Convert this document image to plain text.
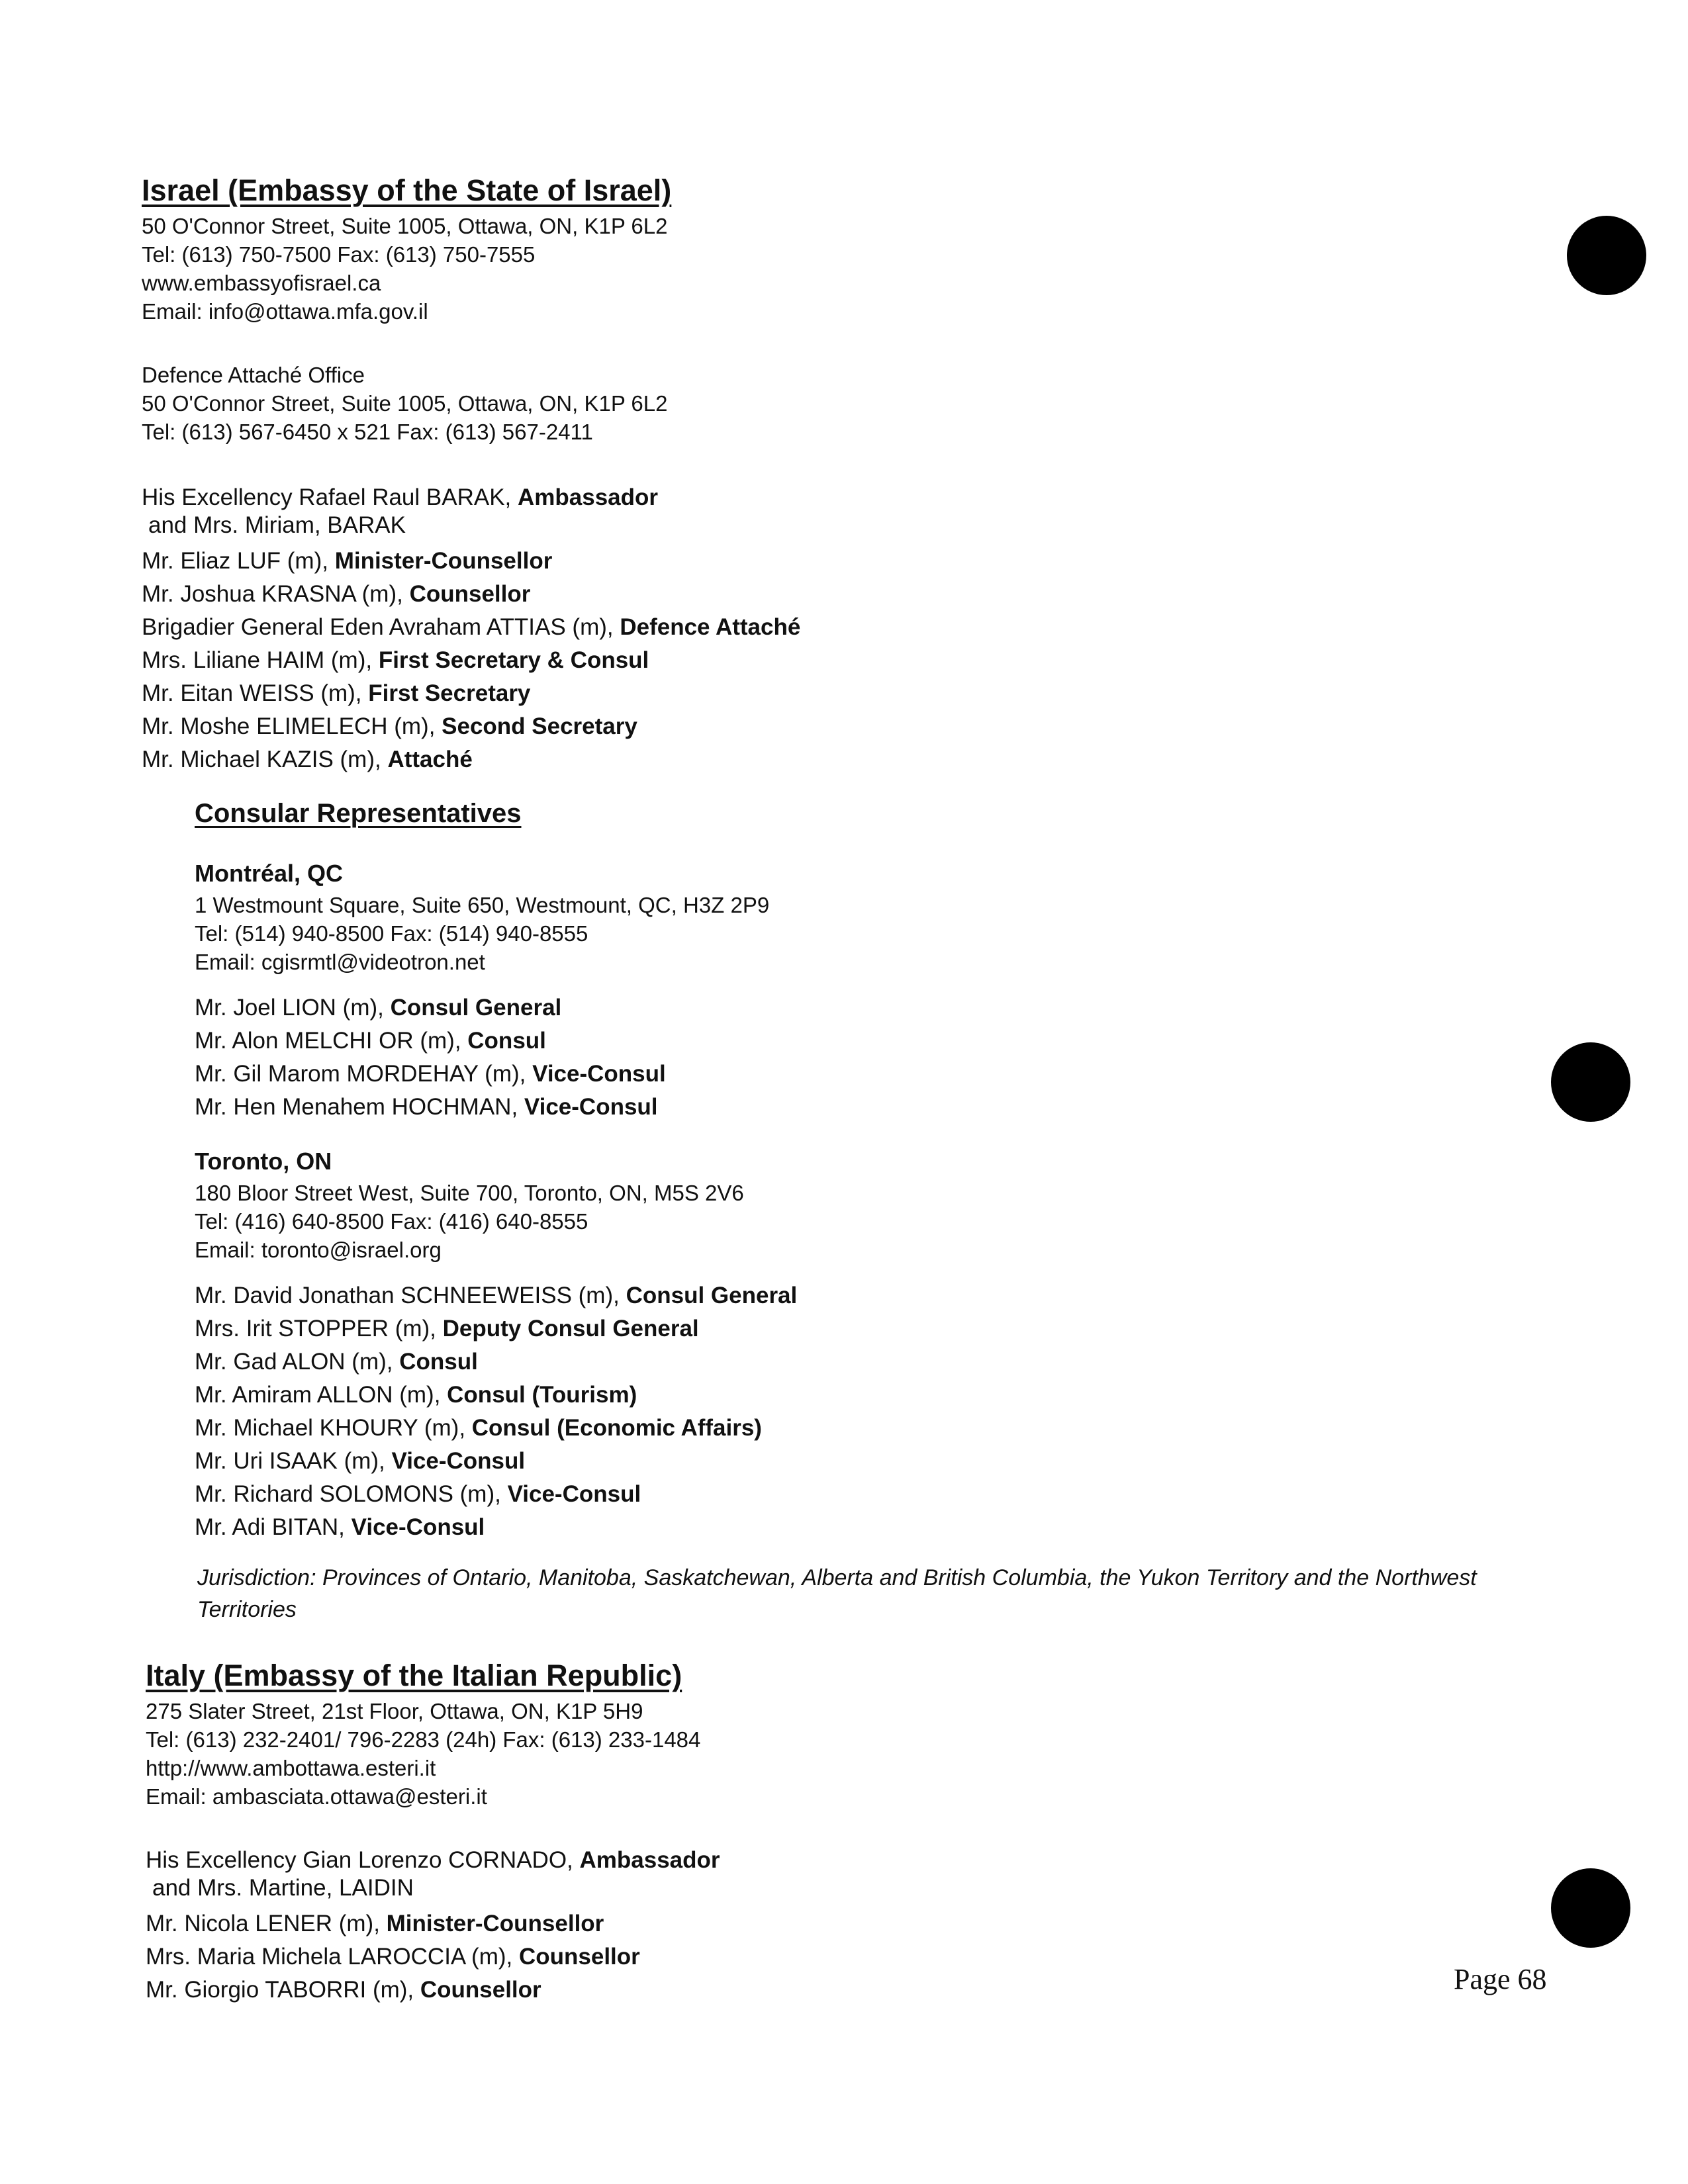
Israel (Embassy of the State of Israel)
50 O'Connor Street, Suite 1005, Ottawa, ON, K1P 6L2
Tel: (613) 750-7500 Fax: (613) 750-7555
www.embassyofisrael.ca
Email: info@ottawa.mfa.gov.il
Defence Attaché Office
50 O'Connor Street, Suite 1005, Ottawa, ON, K1P 6L2
Tel: (613) 567-6450 x 521 Fax: (613) 567-2411
His Excellency Rafael Raul BARAK, Ambassador
and Mrs. Miriam, BARAK
Mr. Eliaz LUF (m), Minister-Counsellor
Mr. Joshua KRASNA (m), Counsellor
Brigadier General Eden Avraham ATTIAS (m), Defence Attaché
Mrs. Liliane HAIM (m), First Secretary & Consul
Mr. Eitan WEISS (m), First Secretary
Mr. Moshe ELIMELECH (m), Second Secretary
Mr. Michael KAZIS (m), Attaché
Consular Representatives
Montréal, QC
1 Westmount Square, Suite 650, Westmount, QC, H3Z 2P9
Tel: (514) 940-8500 Fax: (514) 940-8555
Email: cgisrmtl@videotron.net
Mr. Joel LION (m), Consul General
Mr. Alon MELCHI OR (m), Consul
Mr. Gil Marom MORDEHAY (m), Vice-Consul
Mr. Hen Menahem HOCHMAN, Vice-Consul
Toronto, ON
180 Bloor Street West, Suite 700, Toronto, ON, M5S 2V6
Tel: (416) 640-8500 Fax: (416) 640-8555
Email: toronto@israel.org
Mr. David Jonathan SCHNEEWEISS (m), Consul General
Mrs. Irit STOPPER (m), Deputy Consul General
Mr. Gad ALON (m), Consul
Mr. Amiram ALLON (m), Consul (Tourism)
Mr. Michael KHOURY (m), Consul (Economic Affairs)
Mr. Uri ISAAK (m), Vice-Consul
Mr. Richard SOLOMONS (m), Vice-Consul
Mr. Adi BITAN, Vice-Consul

Jurisdiction: Provinces of Ontario, Manitoba, Saskatchewan, Alberta and British Columbia, the Yukon Territory and the Northwest Territories

Italy (Embassy of the Italian Republic)
275 Slater Street, 21st Floor, Ottawa, ON, K1P 5H9
Tel: (613) 232-2401/ 796-2283 (24h) Fax: (613) 233-1484
http://www.ambottawa.esteri.it
Email: ambasciata.ottawa@esteri.it
His Excellency Gian Lorenzo CORNADO, Ambassador
and Mrs. Martine, LAIDIN
Mr. Nicola LENER (m), Minister-Counsellor
Mrs. Maria Michela LAROCCIA (m), Counsellor
Mr. Giorgio TABORRI (m), Counsellor	Page 68
